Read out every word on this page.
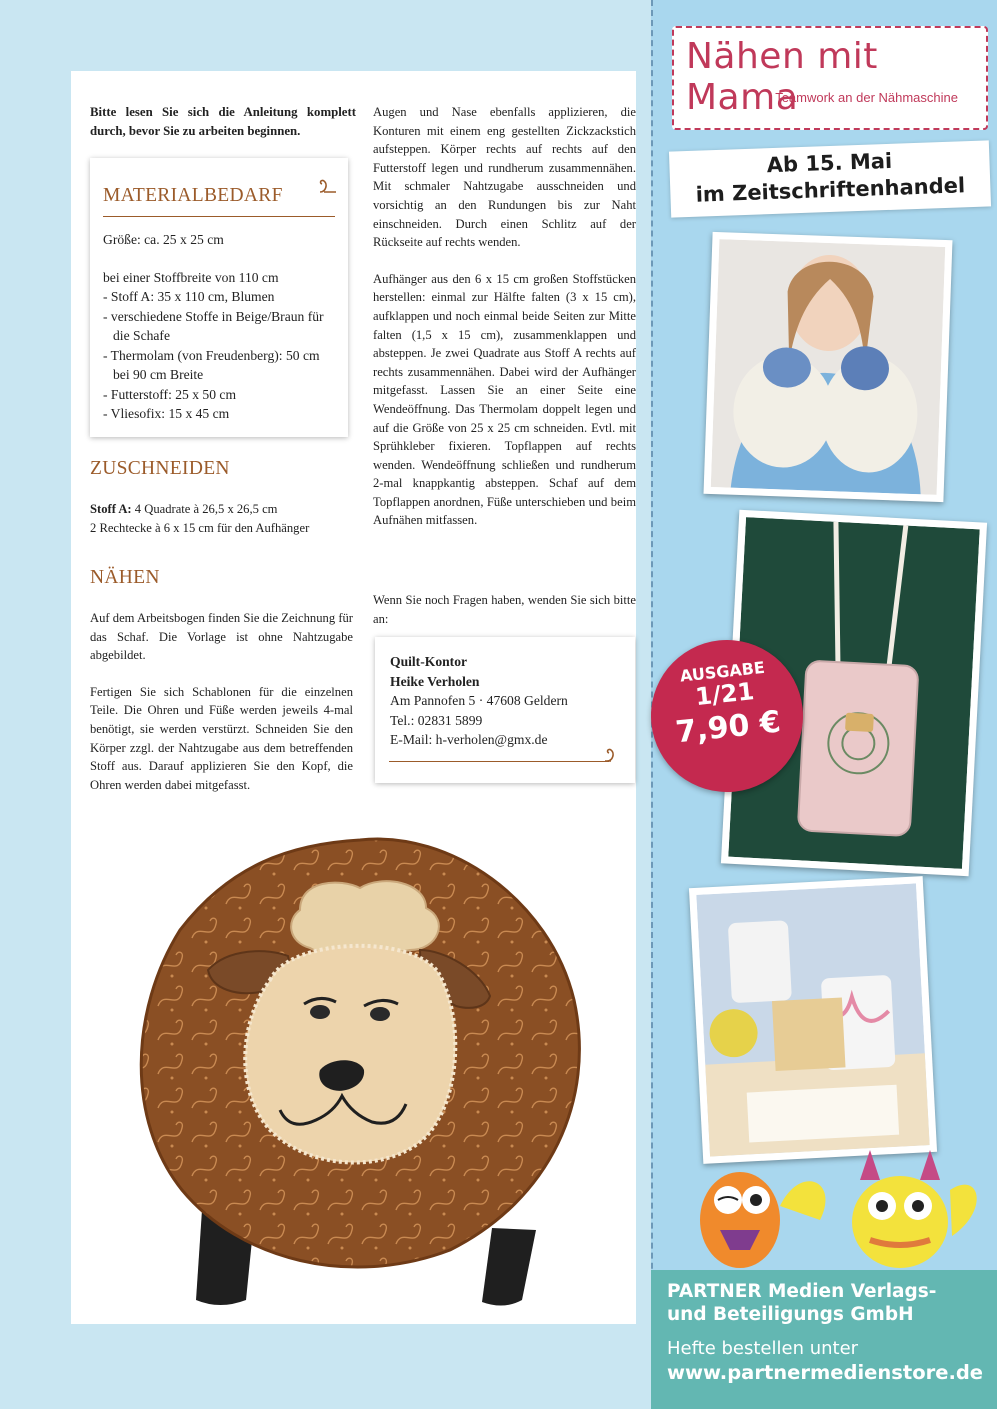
Bitte lesen Sie sich die Anleitung komplett durch, bevor Sie zu arbeiten beginnen.
MATERIALBEDARF
Größe: ca. 25 x 25 cm
bei einer Stoffbreite von 110 cm
- Stoff A: 35 x 110 cm, Blumen
- verschiedene Stoffe in Beige/Braun für die Schafe
- Thermolam (von Freudenberg): 50 cm bei 90 cm Breite
- Futterstoff: 25 x 50 cm
- Vliesofix: 15 x 45 cm
ZUSCHNEIDEN
Stoff A: 4 Quadrate à 26,5 x 26,5 cm
2 Rechtecke à 6 x 15 cm für den Aufhänger
NÄHEN

Auf dem Arbeitsbogen finden Sie die Zeichnung für das Schaf. Die Vorlage ist ohne Nahtzugabe abgebildet.

Fertigen Sie sich Schablonen für die einzelnen Teile. Die Ohren und Füße werden jeweils 4-mal benötigt, sie werden verstürzt. Schneiden Sie den Körper zzgl. der Nahtzugabe aus dem betreffenden Stoff aus. Darauf applizieren Sie den Kopf, die Ohren werden dabei mitgefasst.

Augen und Nase ebenfalls applizieren, die Konturen mit einem eng gestellten Zickzackstich aufsteppen. Körper rechts auf rechts auf den Futterstoff legen und rundherum zusammennähen. Mit schmaler Nahtzugabe ausschneiden und vorsichtig an den Rundungen bis zur Naht einschneiden. Durch einen Schlitz auf der Rückseite auf rechts wenden.

Aufhänger aus den 6 x 15 cm großen Stoffstücken herstellen: einmal zur Hälfte falten (3 x 15 cm), aufklappen und noch einmal beide Seiten zur Mitte falten (1,5 x 15 cm), zusammenklappen und absteppen. Je zwei Quadrate aus Stoff A rechts auf rechts zusammennähen. Dabei wird der Aufhänger mitgefasst. Lassen Sie an einer Seite eine Wendeöffnung. Das Thermolam doppelt legen und auf die Größe von 25 x 25 cm schneiden. Evtl. mit Sprühkleber fixieren. Topflappen auf rechts wenden. Wendeöffnung schließen und rundherum 2-mal knappkantig absteppen. Schaf auf dem Topflappen anordnen, Füße unterschieben und beim Aufnähen mitfassen.

Wenn Sie noch Fragen haben, wenden Sie sich bitte an:
Quilt-Kontor
Heike Verholen
Am Pannofen 5 · 47608 Geldern
Tel.: 02831 5899
E-Mail: h-verholen@gmx.de
Nähen mit Mama
Teamwork an der Nähmaschine
Ab 15. Mai
im Zeitschriftenhandel
AUSGABE
1/21
7,90 €
PARTNER Medien Verlags-
und Beteiligungs GmbH
Hefte bestellen unter
www.partnermedienstore.de
